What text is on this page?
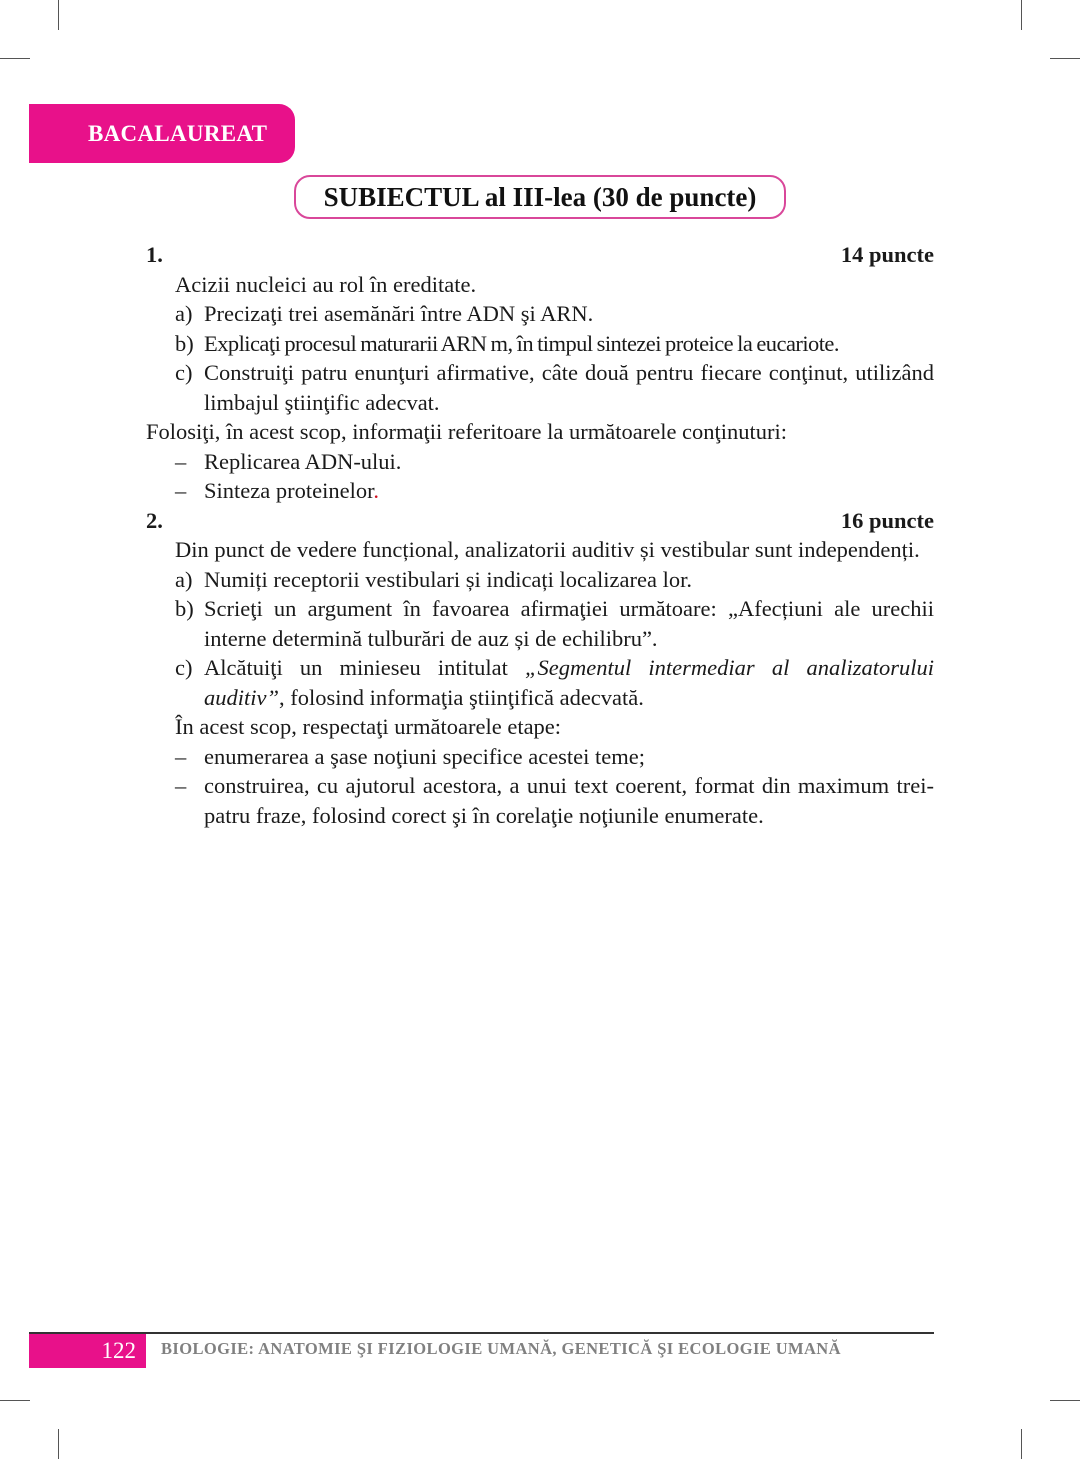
BACALAUREAT
SUBIECTUL al III-lea (30 de puncte)
1.	14 puncte
Acizii nucleici au rol în ereditate.
a) Precizaţi trei asemănări între ADN şi ARN.
b) Explicaţi procesul maturarii ARN m, în timpul sintezei proteice la eucariote.
c) Construiţi patru enunţuri afirmative, câte două pentru fiecare conţinut, utilizând limbajul ştiinţific adecvat.
Folosiţi, în acest scop, informaţii referitoare la următoarele conţinuturi:
– Replicarea ADN-ului.
– Sinteza proteinelor.
2.	16 puncte
Din punct de vedere funcțional, analizatorii auditiv și vestibular sunt independenți.
a) Numiți receptorii vestibulari și indicați localizarea lor.
b) Scrieţi un argument în favoarea afirmaţiei următoare: „Afecțiuni ale urechii interne determină tulburări de auz și de echilibru”.
c) Alcătuiţi un minieseu intitulat „Segmentul intermediar al analizatorului auditiv”, folosind informaţia ştiinţifică adecvată.
În acest scop, respectaţi următoarele etape:
– enumerarea a şase noţiuni specifice acestei teme;
– construirea, cu ajutorul acestora, a unui text coerent, format din maximum trei-patru fraze, folosind corect şi în corelaţie noţiunile enumerate.
122 BIOLOGIE: ANATOMIE ŞI FIZIOLOGIE UMANĂ, GENETICĂ ŞI ECOLOGIE UMANĂ
